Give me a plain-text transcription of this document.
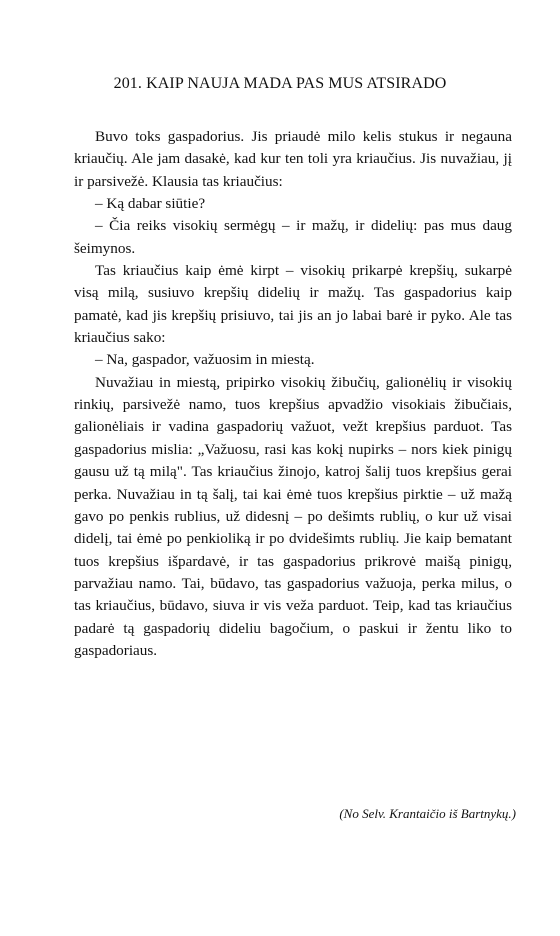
201. KAIP NAUJA MADA PAS MUS ATSIRADO

Buvo toks gaspadorius. Jis priaudė milo kelis stukus ir negauna kriaučių. Ale jam dasakė, kad kur ten toli yra kriaučius. Jis nuvažiau, jį ir parsivežė. Klausia tas kriaučius:

– Ką dabar siūtie?

– Čia reiks visokių sermėgų – ir mažų, ir didelių: pas mus daug šeimynos.

Tas kriaučius kaip ėmė kirpt – visokių prikarpė krepšių, sukarpė visą milą, susiuvo krepšių didelių ir mažų. Tas gaspadorius kaip pamatė, kad jis krepšių prisiuvo, tai jis an jo labai barė ir pyko. Ale tas kriaučius sako:

– Na, gaspador, važuosim in miestą.

Nuvažiau in miestą, pripirko visokių žibučių, galionėlių ir visokių rinkių, parsivežė namo, tuos krepšius apvadžio visokiais žibučiais, galionėliais ir vadina gaspadorių važuot, vežt krepšius parduot. Tas gaspadorius mislia: „Važuosu, rasi kas kokį nupirks – nors kiek pinigų gausu už tą milą". Tas kriaučius žinojo, katroj šalij tuos krepšius gerai perka. Nuvažiau in tą šalį, tai kai ėmė tuos krepšius pirktie – už mažą gavo po penkis rublius, už didesnį – po dešimts rublių, o kur už visai didelį, tai ėmė po penkioliką ir po dvidešimts rublių. Jie kaip bematant tuos krepšius išpardavė, ir tas gaspadorius prikrovė maišą pinigų, parvažiau namo. Tai, būdavo, tas gaspadorius važuoja, perka milus, o tas kriaučius, būdavo, siuva ir vis veža parduot. Teip, kad tas kriaučius padarė tą gaspadorių dideliu bagočium, o paskui ir žentu liko to gaspadoriaus.

(No Selv. Krantaičio iš Bartnykų.)
